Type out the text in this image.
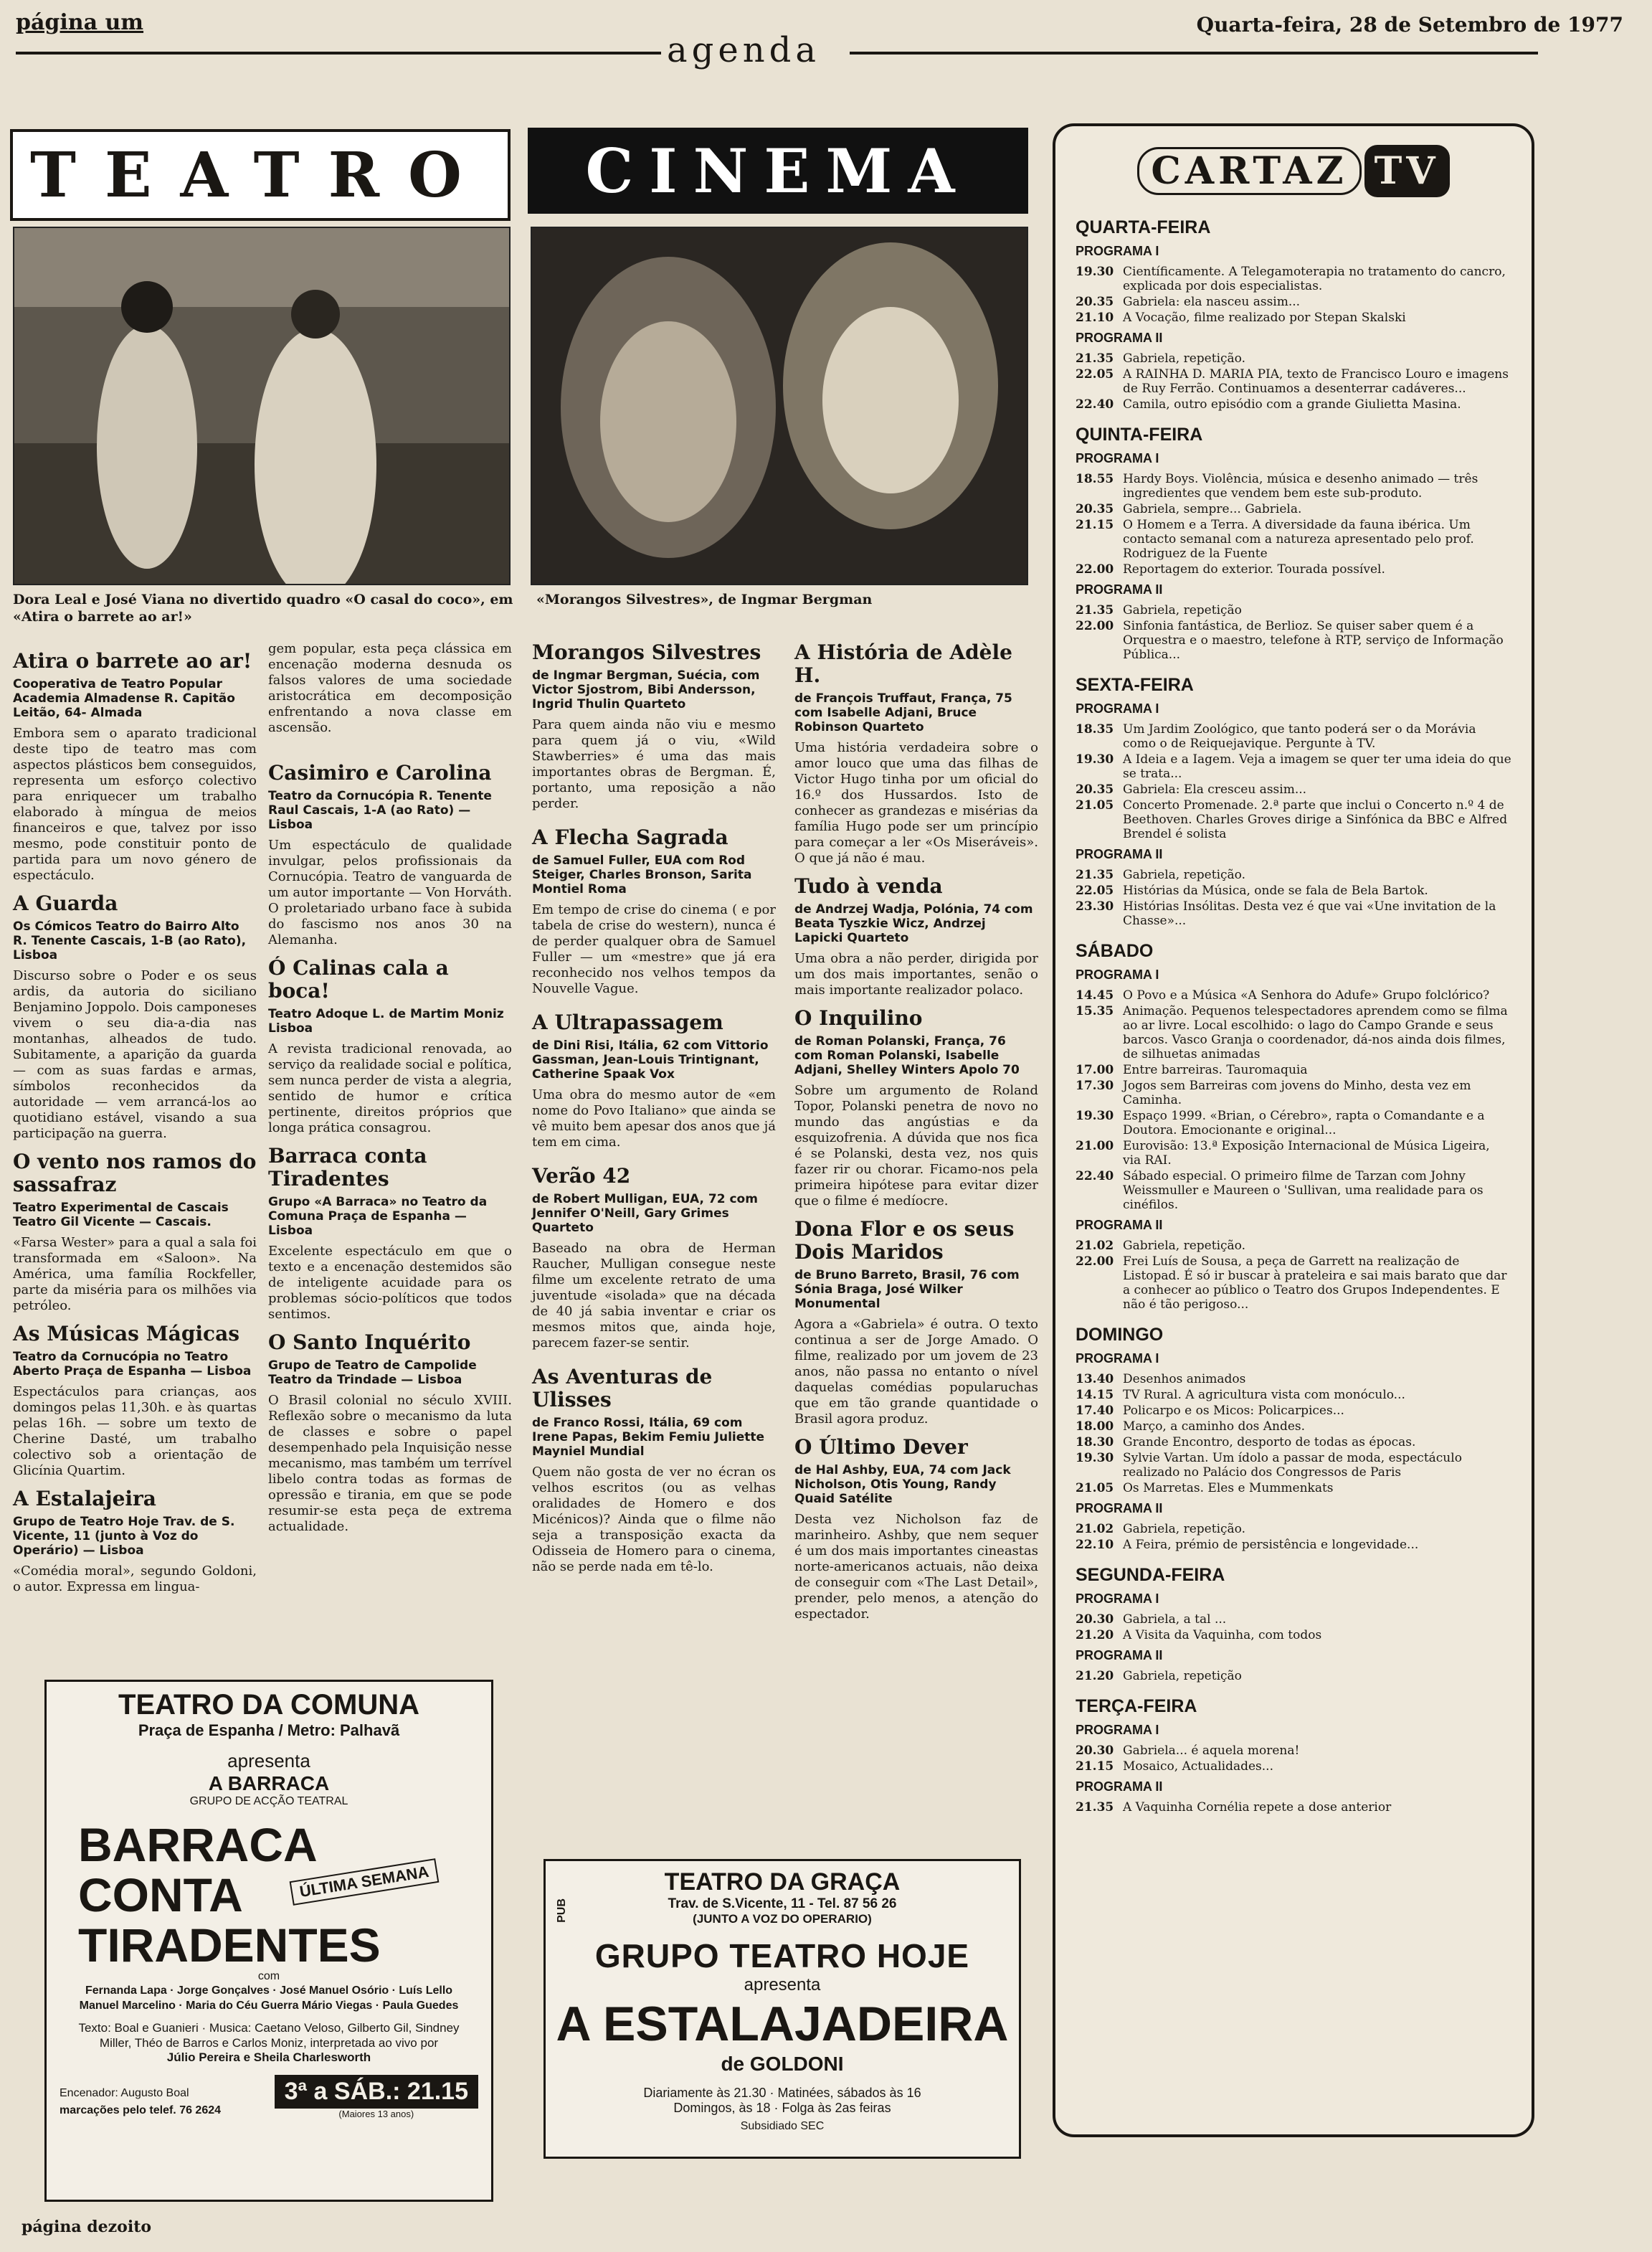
página um
agenda
Quarta-feira, 28 de Setembro de 1977
TEATRO CINEMA
Dora Leal e José Viana no divertido quadro «O casal do coco», em «Atira o barrete ao ar!»
«Morangos Silvestres», de Ingmar Bergman
Atira o barrete ao ar!
Cooperativa de Teatro Popular Academia Almadense R. Capitão Leitão, 64- Almada
Embora sem o aparato tradicional deste tipo de teatro mas com aspectos plásticos bem conseguidos, representa um esforço colectivo para enriquecer um trabalho elaborado à míngua de meios financeiros e que, talvez por isso mesmo, pode constituir ponto de partida para um novo género de espectáculo.
A Guarda
Os Cómicos Teatro do Bairro Alto R. Tenente Cascais, 1-B (ao Rato), Lisboa
Discurso sobre o Poder e os seus ardis, da autoria do siciliano Benjamino Joppolo. Dois camponeses vivem o seu dia-a-dia nas montanhas, alheados de tudo. Subitamente, a aparição da guarda — com as suas fardas e armas, símbolos reconhecidos da autoridade — vem arrancá-los ao quotidiano estável, visando a sua participação na guerra.
O vento nos ramos do sassafraz
Teatro Experimental de Cascais Teatro Gil Vicente — Cascais.
«Farsa Wester» para a qual a sala foi transformada em «Saloon». Na América, uma família Rockfeller, parte da miséria para os milhões via petróleo.
As Músicas Mágicas
Teatro da Cornucópia no Teatro Aberto Praça de Espanha — Lisboa
Espectáculos para crianças, aos domingos pelas 11,30h. e às quartas pelas 16h. — sobre um texto de Cherine Dasté, um trabalho colectivo sob a orientação de Glicínia Quartim.
A Estalajeira
Grupo de Teatro Hoje Trav. de S. Vicente, 11 (junto à Voz do Operário) — Lisboa
«Comédia moral», segundo Goldoni, o autor. Expressa em lingua-
gem popular, esta peça clássica em encenação moderna desnuda os falsos valores de uma sociedade aristocrática em decomposição enfrentando a nova classe em ascensão.
Casimiro e Carolina
Teatro da Cornucópia R. Tenente Raul Cascais, 1-A (ao Rato) — Lisboa
Um espectáculo de qualidade invulgar, pelos profissionais da Cornucópia. Teatro de vanguarda de um autor importante — Von Horváth. O proletariado urbano face à subida do fascismo nos anos 30 na Alemanha.
Ó Calinas cala a boca!
Teatro Adoque L. de Martim Moniz Lisboa
A revista tradicional renovada, ao serviço da realidade social e política, sem nunca perder de vista a alegria, sentido de humor e crítica pertinente, direitos próprios que longa prática consagrou.
Barraca conta Tiradentes
Grupo «A Barraca» no Teatro da Comuna Praça de Espanha — Lisboa
Excelente espectáculo em que o texto e a encenação destemidos são de inteligente acuidade para os problemas sócio-políticos que todos sentimos.
O Santo Inquérito
Grupo de Teatro de Campolide Teatro da Trindade — Lisboa
O Brasil colonial no século XVIII. Reflexão sobre o mecanismo da luta de classes e sobre o papel desempenhado pela Inquisição nesse mecanismo, mas também um terrível libelo contra todas as formas de opressão e tirania, em que se pode resumir-se esta peça de extrema actualidade.
Morangos Silvestres
de Ingmar Bergman, Suécia, com Victor Sjostrom, Bibi Andersson, Ingrid Thulin Quarteto
Para quem ainda não viu e mesmo para quem já o viu, «Wild Stawberries» é uma das mais importantes obras de Bergman. É, portanto, uma reposição a não perder.
A Flecha Sagrada
de Samuel Fuller, EUA com Rod Steiger, Charles Bronson, Sarita Montiel Roma
Em tempo de crise do cinema ( e por tabela de crise do western), nunca é de perder qualquer obra de Samuel Fuller — um «mestre» que já era reconhecido nos velhos tempos da Nouvelle Vague.
A Ultrapassagem
de Dini Risi, Itália, 62 com Vittorio Gassman, Jean-Louis Trintignant, Catherine Spaak Vox
Uma obra do mesmo autor de «em nome do Povo Italiano» que ainda se vê muito bem apesar dos anos que já tem em cima.
Verão 42
de Robert Mulligan, EUA, 72 com Jennifer O'Neill, Gary Grimes Quarteto
Baseado na obra de Herman Raucher, Mulligan consegue neste filme um excelente retrato de uma juventude «isolada» que na década de 40 já sabia inventar e criar os mesmos mitos que, ainda hoje, parecem fazer-se sentir.
As Aventuras de Ulisses
de Franco Rossi, Itália, 69 com Irene Papas, Bekim Femiu Juliette Mayniel Mundial
Quem não gosta de ver no écran os velhos escritos (ou as velhas oralidades de Homero e dos Micénicos)? Ainda que o filme não seja a transposição exacta da Odisseia de Homero para o cinema, não se perde nada em tê-lo.
A História de Adèle H.
de François Truffaut, França, 75 com Isabelle Adjani, Bruce Robinson Quarteto
Uma história verdadeira sobre o amor louco que uma das filhas de Victor Hugo tinha por um oficial do 16.º dos Hussardos. Isto de conhecer as grandezas e misérias da família Hugo pode ser um princípio para começar a ler «Os Miseráveis». O que já não é mau.
Tudo à venda
de Andrzej Wadja, Polónia, 74 com Beata Tyszkie Wicz, Andrzej Lapicki Quarteto
Uma obra a não perder, dirigida por um dos mais importantes, senão o mais importante realizador polaco.
O Inquilino
de Roman Polanski, França, 76 com Roman Polanski, Isabelle Adjani, Shelley Winters Apolo 70
Sobre um argumento de Roland Topor, Polanski penetra de novo no mundo das angústias e da esquizofrenia. A dúvida que nos fica é se Polanski, desta vez, nos quis fazer rir ou chorar. Ficamo-nos pela primeira hipótese para evitar dizer que o filme é medíocre.
Dona Flor e os seus Dois Maridos
de Bruno Barreto, Brasil, 76 com Sónia Braga, José Wilker Monumental
Agora a «Gabriela» é outra. O texto continua a ser de Jorge Amado. O filme, realizado por um jovem de 23 anos, não passa no entanto o nível daquelas comédias popularuchas que em tão grande quantidade o Brasil agora produz.
O Último Dever
de Hal Ashby, EUA, 74 com Jack Nicholson, Otis Young, Randy Quaid Satélite
Desta vez Nicholson faz de marinheiro. Ashby, que nem sequer é um dos mais importantes cineastas norte-americanos actuais, não deixa de conseguir com «The Last Detail», prender, pelo menos, a atenção do espectador.
TEATRO DA COMUNA
Praça de Espanha / Metro: Palhavã
apresenta
A BARRACA
GRUPO DE ACÇÃO TEATRAL
BARRACA
CONTA
TIRADENTES
ÚLTIMA SEMANA
com
Fernanda Lapa · Jorge Gonçalves · José Manuel Osório · Luís Lello Manuel Marcelino · Maria do Céu Guerra Mário Viegas · Paula Guedes
Texto: Boal e Guanieri · Musica: Caetano Veloso, Gilberto Gil, Sindney Miller, Théo de Barros e Carlos Moniz, interpretada ao vivo por
Júlio Pereira e Sheila Charlesworth
Encenador: Augusto Boal
marcações pelo telef. 76 2624
3ª a SÁB.: 21.15
(Maiores 13 anos)
PUB
TEATRO DA GRAÇA
Trav. de S.Vicente, 11 - Tel. 87 56 26
(JUNTO A VOZ DO OPERARIO)
GRUPO TEATRO HOJE
apresenta
A ESTALAJADEIRA
de GOLDONI
Diariamente às 21.30 · Matinées, sábados às 16
Domingos, às 18 · Folga às 2as feiras
Subsidiado SEC
CARTAZ TV
QUARTA-FEIRA
PROGRAMA I
19.30 Científicamente. A Telegamoterapia no tratamento do cancro, explicada por dois especialistas.
20.35 Gabriela: ela nasceu assim...
21.10 A Vocação, filme realizado por Stepan Skalski
PROGRAMA II
21.35 Gabriela, repetição.
22.05 A RAINHA D. MARIA PIA, texto de Francisco Louro e imagens de Ruy Ferrão. Continuamos a desenterrar cadáveres...
22.40 Camila, outro episódio com a grande Giulietta Masina.
QUINTA-FEIRA
PROGRAMA I
18.55 Hardy Boys. Violência, música e desenho animado — três ingredientes que vendem bem este sub-produto.
20.35 Gabriela, sempre... Gabriela.
21.15 O Homem e a Terra. A diversidade da fauna ibérica. Um contacto semanal com a natureza apresentado pelo prof. Rodriguez de la Fuente
22.00 Reportagem do exterior. Tourada possível.
PROGRAMA II
21.35 Gabriela, repetição
22.00 Sinfonia fantástica, de Berlioz. Se quiser saber quem é a Orquestra e o maestro, telefone à RTP, serviço de Informação Pública...
SEXTA-FEIRA
PROGRAMA I
18.35 Um Jardim Zoológico, que tanto poderá ser o da Morávia como o de Reiquejavique. Pergunte à TV.
19.30 A Ideia e a Iagem. Veja a imagem se quer ter uma ideia do que se trata...
20.35 Gabriela: Ela cresceu assim...
21.05 Concerto Promenade. 2.ª parte que inclui o Concerto n.º 4 de Beethoven. Charles Groves dirige a Sinfónica da BBC e Alfred Brendel é solista
PROGRAMA II
21.35 Gabriela, repetição.
22.05 Histórias da Música, onde se fala de Bela Bartok.
23.30 Histórias Insólitas. Desta vez é que vai «Une invitation de la Chasse»...
SÁBADO
PROGRAMA I
14.45 O Povo e a Música «A Senhora do Adufe» Grupo folclórico?
15.35 Animação. Pequenos telespectadores aprendem como se filma ao ar livre. Local escolhido: o lago do Campo Grande e seus barcos. Vasco Granja o coordenador, dá-nos ainda dois filmes, de silhuetas animadas
17.00 Entre barreiras. Tauromaquia
17.30 Jogos sem Barreiras com jovens do Minho, desta vez em Caminha.
19.30 Espaço 1999. «Brian, o Cérebro», rapta o Comandante e a Doutora. Emocionante e original...
21.00 Eurovisão: 13.ª Exposição Internacional de Música Ligeira, via RAI.
22.40 Sábado especial. O primeiro filme de Tarzan com Johny Weissmuller e Maureen o 'Sullivan, uma realidade para os cinéfilos.
PROGRAMA II
21.02 Gabriela, repetição.
22.00 Frei Luís de Sousa, a peça de Garrett na realização de Listopad. É só ir buscar à prateleira e sai mais barato que dar a conhecer ao público o Teatro dos Grupos Independentes. E não é tão perigoso...
DOMINGO
PROGRAMA I
13.40 Desenhos animados
14.15 TV Rural. A agricultura vista com monóculo...
17.40 Policarpo e os Micos: Policarpices...
18.00 Março, a caminho dos Andes.
18.30 Grande Encontro, desporto de todas as épocas.
19.30 Sylvie Vartan. Um ídolo a passar de moda, espectáculo realizado no Palácio dos Congressos de Paris
21.05 Os Marretas. Eles e Mummenkats
PROGRAMA II
21.02 Gabriela, repetição.
22.10 A Feira, prémio de persistência e longevidade...
SEGUNDA-FEIRA
PROGRAMA I
20.30 Gabriela, a tal ...
21.20 A Visita da Vaquinha, com todos
PROGRAMA II
21.20 Gabriela, repetição
TERÇA-FEIRA
PROGRAMA I
20.30 Gabriela... é aquela morena!
21.15 Mosaico, Actualidades...
PROGRAMA II
21.35 A Vaquinha Cornélia repete a dose anterior
página dezoito
